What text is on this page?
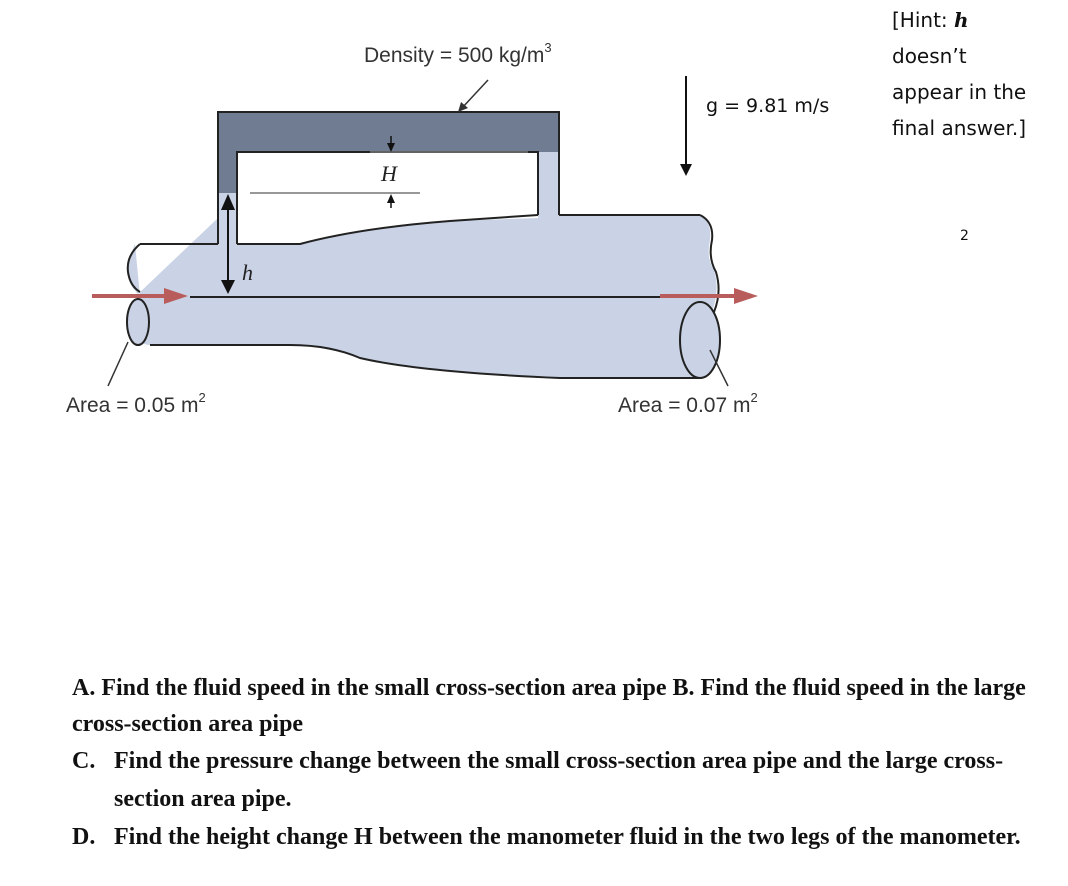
h
H
Density = 500 $kg/m^3$
Area = 0.05 $m^2$	Area = 0.07 $m^2$
g = 9.81 m/s
[Hint: h doesn’t appear in the final answer.]
2
A. Find the fluid speed in the small cross-section area pipe B. Find the fluid speed in the large cross-section area pipe
C. Find the pressure change between the small cross-section area pipe and the large cross-section area pipe.
D. Find the height change H between the manometer fluid in the two legs of the manometer.
